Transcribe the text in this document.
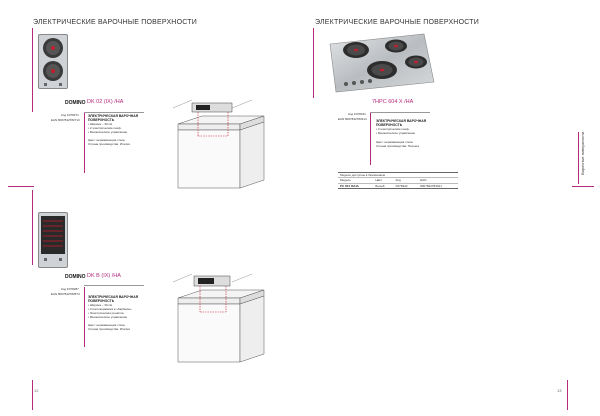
ЭЛЕКТРИЧЕСКИЕ ВАРОЧНЫЕ ПОВЕРХНОСТИ
DOMINO DK 02 (IX) /HA
Код F078271
EAN 8007842782713
ЭЛЕКТРИЧЕСКАЯ ВАРОЧНАЯ
ПОВЕРХНОСТЬ
• Ширина – 30 см
• 2 электрические конф.
• Механическое управление
Цвет: нержавеющая сталь
Страна производства: Италия
DOMINO DK B (IX) /HA
Код F078287
EAN 8007842782874
ЭЛЕКТРИЧЕСКАЯ ВАРОЧНАЯ
ПОВЕРХНОСТЬ
• Ширина – 30 см
• Стеклокерамика в «барбекю»
• Электрическая решётка
• Механическое управление
Цвет: нержавеющая сталь
Страна производства: Италия
12
ЭЛЕКТРИЧЕСКИЕ ВАРОЧНЫЕ ПОВЕРХНОСТИ
7HPC 604 X /HA
Код F078341
EAN 8007842783414	ЭЛЕКТРИЧЕСКАЯ ВАРОЧНАЯ
ПОВЕРХНОСТЬ
• 4 электрические конф.
• Механическое управление
Цвет: нержавеющая сталь
Страна производства: Польша
Модели доступны в бензиновом
Модель	Цвет	Код	EAN
PC 604 IX/HA	Белый	F078342	8007842783421
Варочные поверхности
13
